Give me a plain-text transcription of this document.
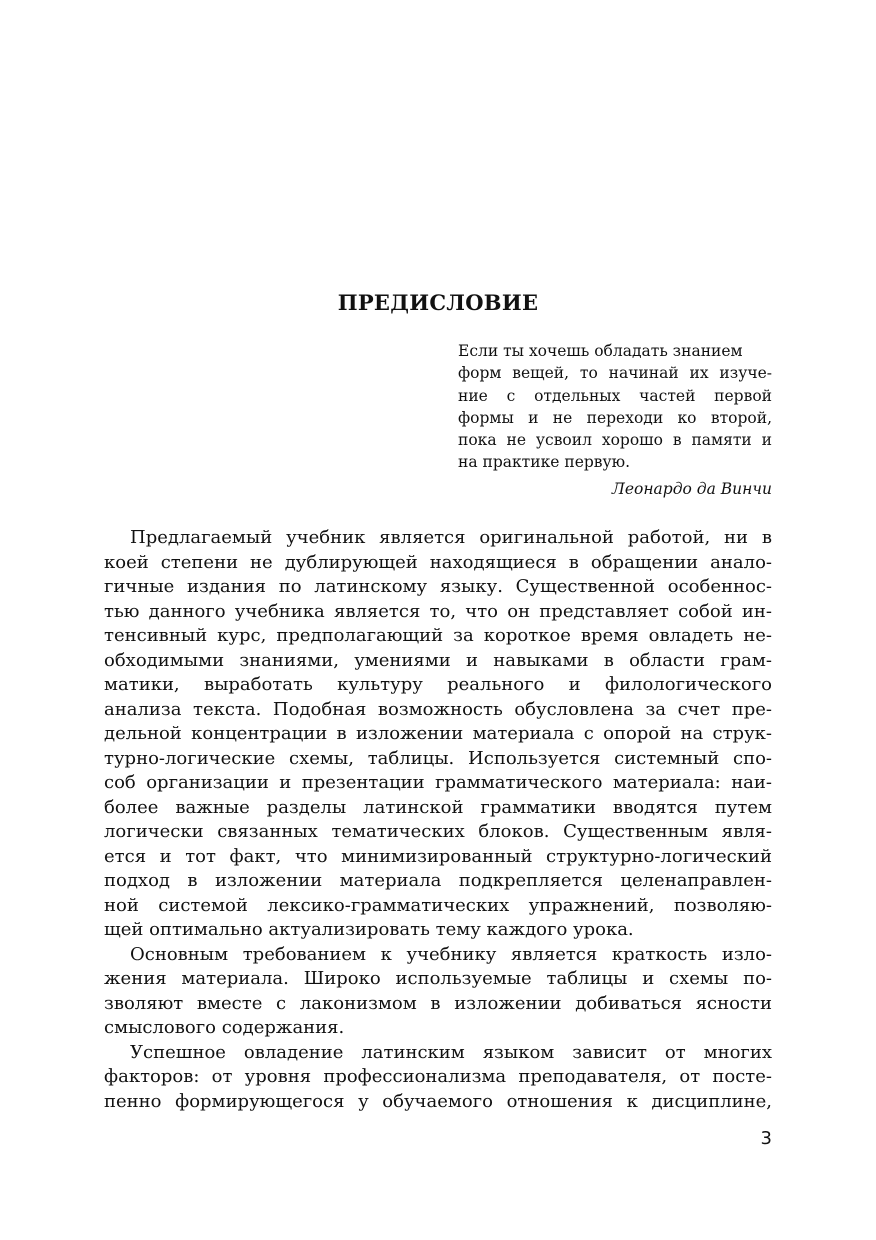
ПРЕДИСЛОВИЕ
Если ты хочешь обладать знанием
форм вещей, то начинай их изуче-
ние с отдельных частей первой
формы и не переходи ко второй,
пока не усвоил хорошо в памяти и
на практике первую.
Леонардо да Винчи
Предлагаемый учебник является оригинальной работой, ни в
коей степени не дублирующей находящиеся в обращении анало-
гичные издания по латинскому языку. Существенной особеннос-
тью данного учебника является то, что он представляет собой ин-
тенсивный курс, предполагающий за короткое время овладеть не-
обходимыми знаниями, умениями и навыками в области грам-
матики, выработать культуру реального и филологического
анализа текста. Подобная возможность обусловлена за счет пре-
дельной концентрации в изложении материала с опорой на струк-
турно-логические схемы, таблицы. Используется системный спо-
соб организации и презентации грамматического материала: наи-
более важные разделы латинской грамматики вводятся путем
логически связанных тематических блоков. Существенным явля-
ется и тот факт, что минимизированный структурно-логический
подход в изложении материала подкрепляется целенаправлен-
ной системой лексико-грамматических упражнений, позволяю-
щей оптимально актуализировать тему каждого урока.
Основным требованием к учебнику является краткость изло-
жения материала. Широко используемые таблицы и схемы по-
зволяют вместе с лаконизмом в изложении добиваться ясности
смыслового содержания.
Успешное овладение латинским языком зависит от многих
факторов: от уровня профессионализма преподавателя, от посте-
пенно формирующегося у обучаемого отношения к дисциплине,
3
